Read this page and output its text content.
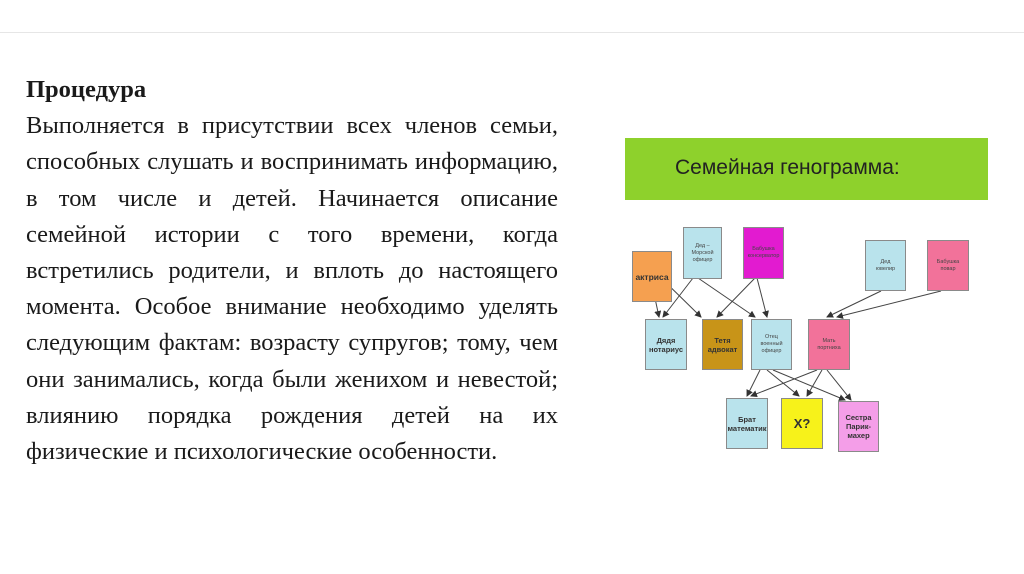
Процедура
Выполняется в присутствии всех членов семьи, способных слушать и воспринимать информацию, в том числе и детей. Начинается описание семейной истории с того времени, когда встретились родители, и вплоть до настоящего момента. Особое внимание необходимо уделять следующим фактам: возрасту супругов; тому, чем они занимались, когда были женихом и невестой; влиянию порядка рождения детей на их физические и психологические особенности.
Семейная генограмма:
актриса
Дед –
Морской
офицер
Бабушка
консерватор
Дед
ювелир
Бабушка
повар
Дядя
нотариус
Тетя
адвокат
Отец
военный
офицер
Мать
портниха
Брат
математик	Х?	Сестра
Парик-
махер
